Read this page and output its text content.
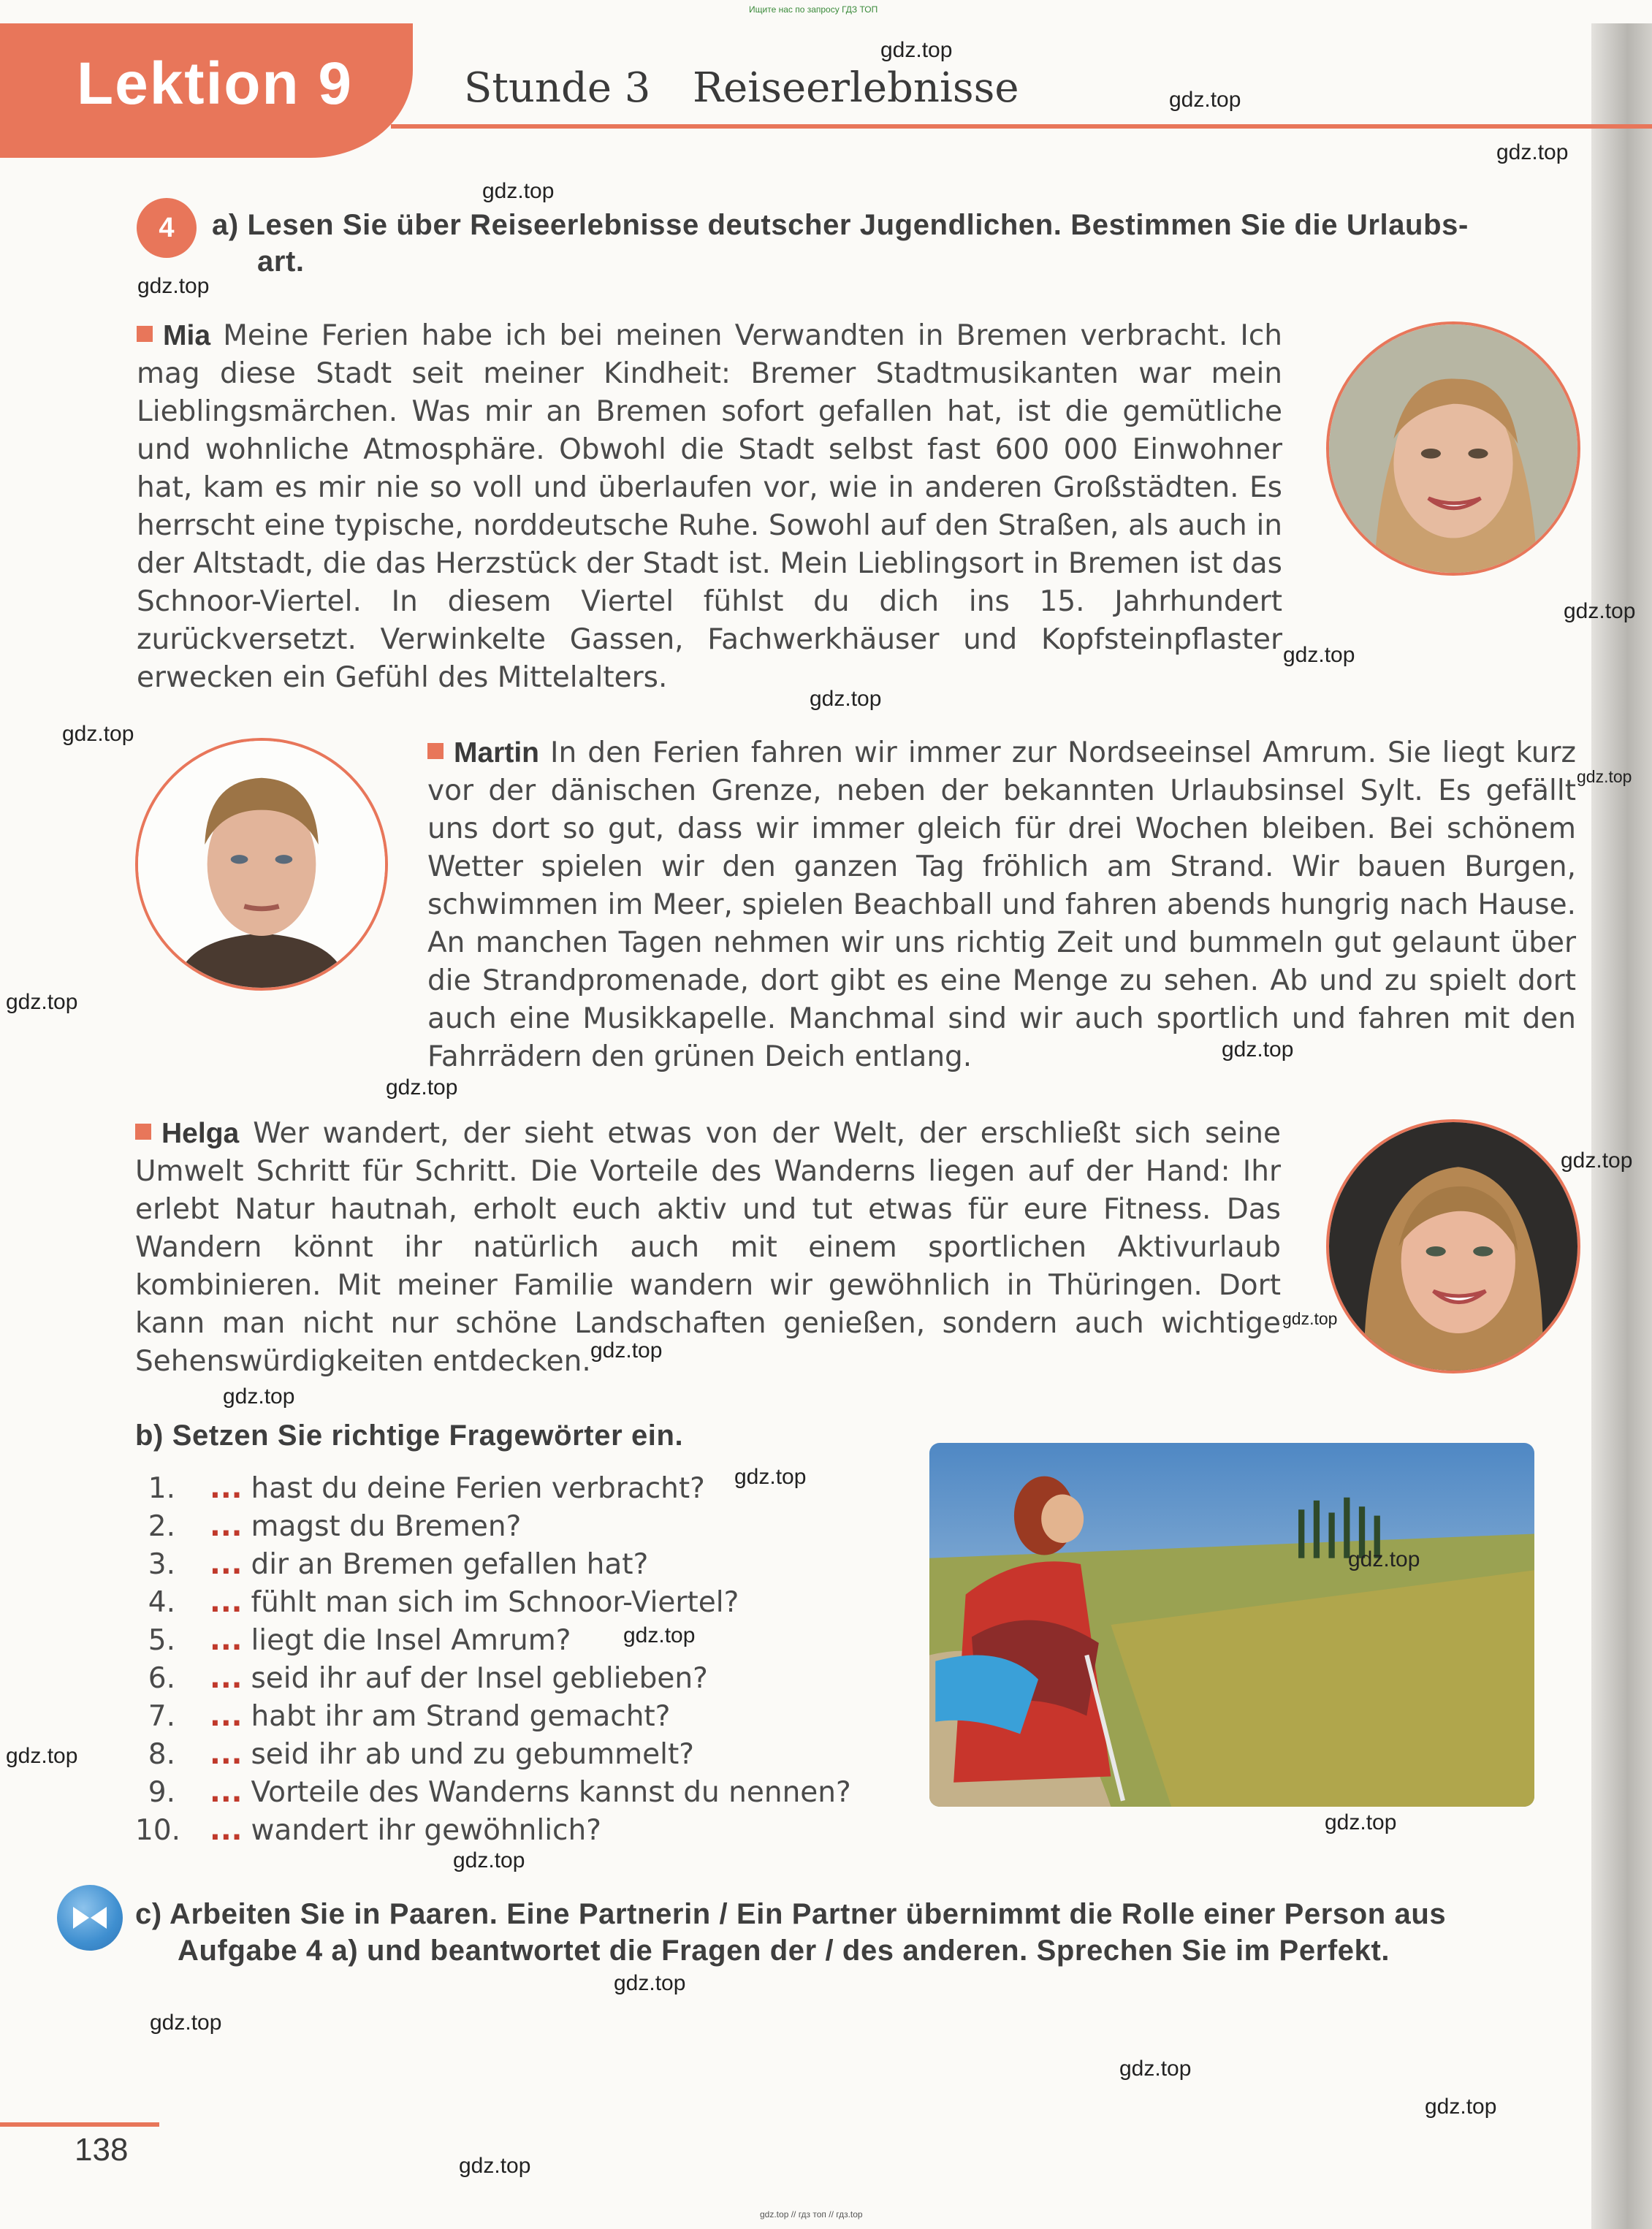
Ищите нас по запросу ГДЗ ТОП
Lektion 9	Stunde 3 Reiseerlebnisse
4	a) Lesen Sie über Reiseerlebnisse deutscher Jugendlichen. Bestimmen Sie die Urlaubs-
art.
Mia Meine Ferien habe ich bei meinen Verwandten in Bremen verbracht. Ich mag diese Stadt seit meiner Kindheit: Bremer Stadtmusikanten war mein Lieblingsmärchen. Was mir an Bremen sofort gefallen hat, ist die gemütliche und wohnliche Atmosphäre. Obwohl die Stadt selbst fast 600 000 Einwohner hat, kam es mir nie so voll und überlaufen vor, wie in anderen Großstädten. Es herrscht eine typische, norddeutsche Ruhe. Sowohl auf den Straßen, als auch in der Altstadt, die das Herzstück der Stadt ist. Mein Lieblingsort in Bremen ist das Schnoor-Viertel. In diesem Viertel fühlst du dich ins 15. Jahrhundert zurückversetzt. Verwinkelte Gassen, Fachwerkhäuser und Kopfsteinpflaster erwecken ein Gefühl des Mittelalters.
Martin In den Ferien fahren wir immer zur Nordseeinsel Amrum. Sie liegt kurz vor der dänischen Grenze, neben der bekannten Urlaubsinsel Sylt. Es gefällt uns dort so gut, dass wir immer gleich für drei Wochen bleiben. Bei schönem Wetter spielen wir den ganzen Tag fröhlich am Strand. Wir bauen Burgen, schwimmen im Meer, spielen Beachball und fahren abends hungrig nach Hause. An manchen Tagen nehmen wir uns richtig Zeit und bummeln gut gelaunt über die Strandpromenade, dort gibt es eine Menge zu sehen. Ab und zu spielt dort auch eine Musikkapelle. Manchmal sind wir auch sportlich und fahren mit den Fahrrädern den grünen Deich entlang.
Helga Wer wandert, der sieht etwas von der Welt, der erschließt sich seine Umwelt Schritt für Schritt. Die Vorteile des Wanderns liegen auf der Hand: Ihr erlebt Natur hautnah, erholt euch aktiv und tut etwas für eure Fitness. Das Wandern könnt ihr natürlich auch mit einem sportlichen Aktivurlaub kombinieren. Mit meiner Familie wandern wir gewöhnlich in Thüringen. Dort kann man nicht nur schöne Landschaften genießen, sondern auch wichtige Sehenswürdigkeiten entdecken.
b) Setzen Sie richtige Fragewörter ein.
1. ... hast du deine Ferien verbracht?
2. ... magst du Bremen?
3. ... dir an Bremen gefallen hat?
4. ... fühlt man sich im Schnoor-Viertel?
5. ... liegt die Insel Amrum?
6. ... seid ihr auf der Insel geblieben?
7. ... habt ihr am Strand gemacht?
8. ... seid ihr ab und zu gebummelt?
9. ... Vorteile des Wanderns kannst du nennen?
10. ... wandert ihr gewöhnlich?
c) Arbeiten Sie in Paaren. Eine Partnerin / Ein Partner übernimmt die Rolle einer Person aus
Aufgabe 4 a) und beantwortet die Fragen der / des anderen. Sprechen Sie im Perfekt.
138
gdz.top // гдз топ // гдз.top
gdz.top
gdz.top
gdz.top
gdz.top
gdz.top
gdz.top
gdz.top
gdz.top
gdz.top
gdz.top
gdz.top
gdz.top
gdz.top
gdz.top
gdz.top
gdz.top
gdz.top
gdz.top
gdz.top
gdz.top
gdz.top
gdz.top
gdz.top
gdz.top
gdz.top
gdz.top
gdz.top
gdz.top
